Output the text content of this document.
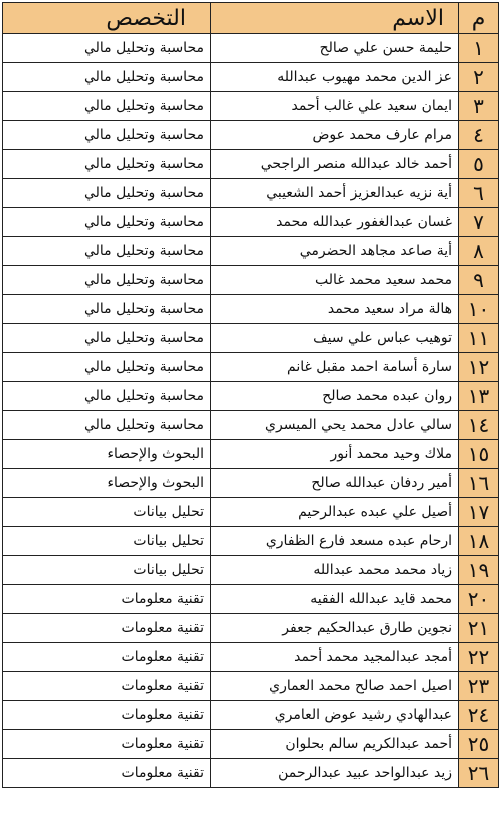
م	الاسم	التخصص
١	حليمة حسن علي صالح	محاسبة وتحليل مالي
٢	عز الدين محمد مهيوب عبدالله	محاسبة وتحليل مالي
٣	ايمان سعيد علي غالب أحمد	محاسبة وتحليل مالي
٤	مرام عارف محمد عوض	محاسبة وتحليل مالي
٥	أحمد خالد عبدالله منصر الراجحي	محاسبة وتحليل مالي
٦	أية نزيه عبدالعزيز أحمد الشعيبي	محاسبة وتحليل مالي
٧	غسان عبدالغفور عبدالله محمد	محاسبة وتحليل مالي
٨	أية صاعد مجاهد الحضرمي	محاسبة وتحليل مالي
٩	محمد سعيد محمد غالب	محاسبة وتحليل مالي
١٠	هالة مراد سعيد محمد	محاسبة وتحليل مالي
١١	توهيب عباس علي سيف	محاسبة وتحليل مالي
١٢	سارة أسامة احمد مقبل غانم	محاسبة وتحليل مالي
١٣	روان عبده محمد صالح	محاسبة وتحليل مالي
١٤	سالي عادل محمد يحي الميسري	محاسبة وتحليل مالي
١٥	ملاك وحيد محمد أنور	البحوث والإحصاء
١٦	أمير ردفان عبدالله صالح	البحوث والإحصاء
١٧	أصيل علي عبده عبدالرحيم	تحليل بيانات
١٨	ارحام عبده مسعد فارع الظفاري	تحليل بيانات
١٩	زياد محمد محمد عبدالله	تحليل بيانات
٢٠	محمد قايد عبدالله الفقيه	تقنية معلومات
٢١	نجوين طارق عبدالحكيم جعفر	تقنية معلومات
٢٢	أمجد عبدالمجيد محمد أحمد	تقنية معلومات
٢٣	اصيل احمد صالح محمد العماري	تقنية معلومات
٢٤	عبدالهادي رشيد عوض العامري	تقنية معلومات
٢٥	أحمد عبدالكريم سالم بحلوان	تقنية معلومات
٢٦	زيد عبدالواحد عبيد عبدالرحمن	تقنية معلومات
